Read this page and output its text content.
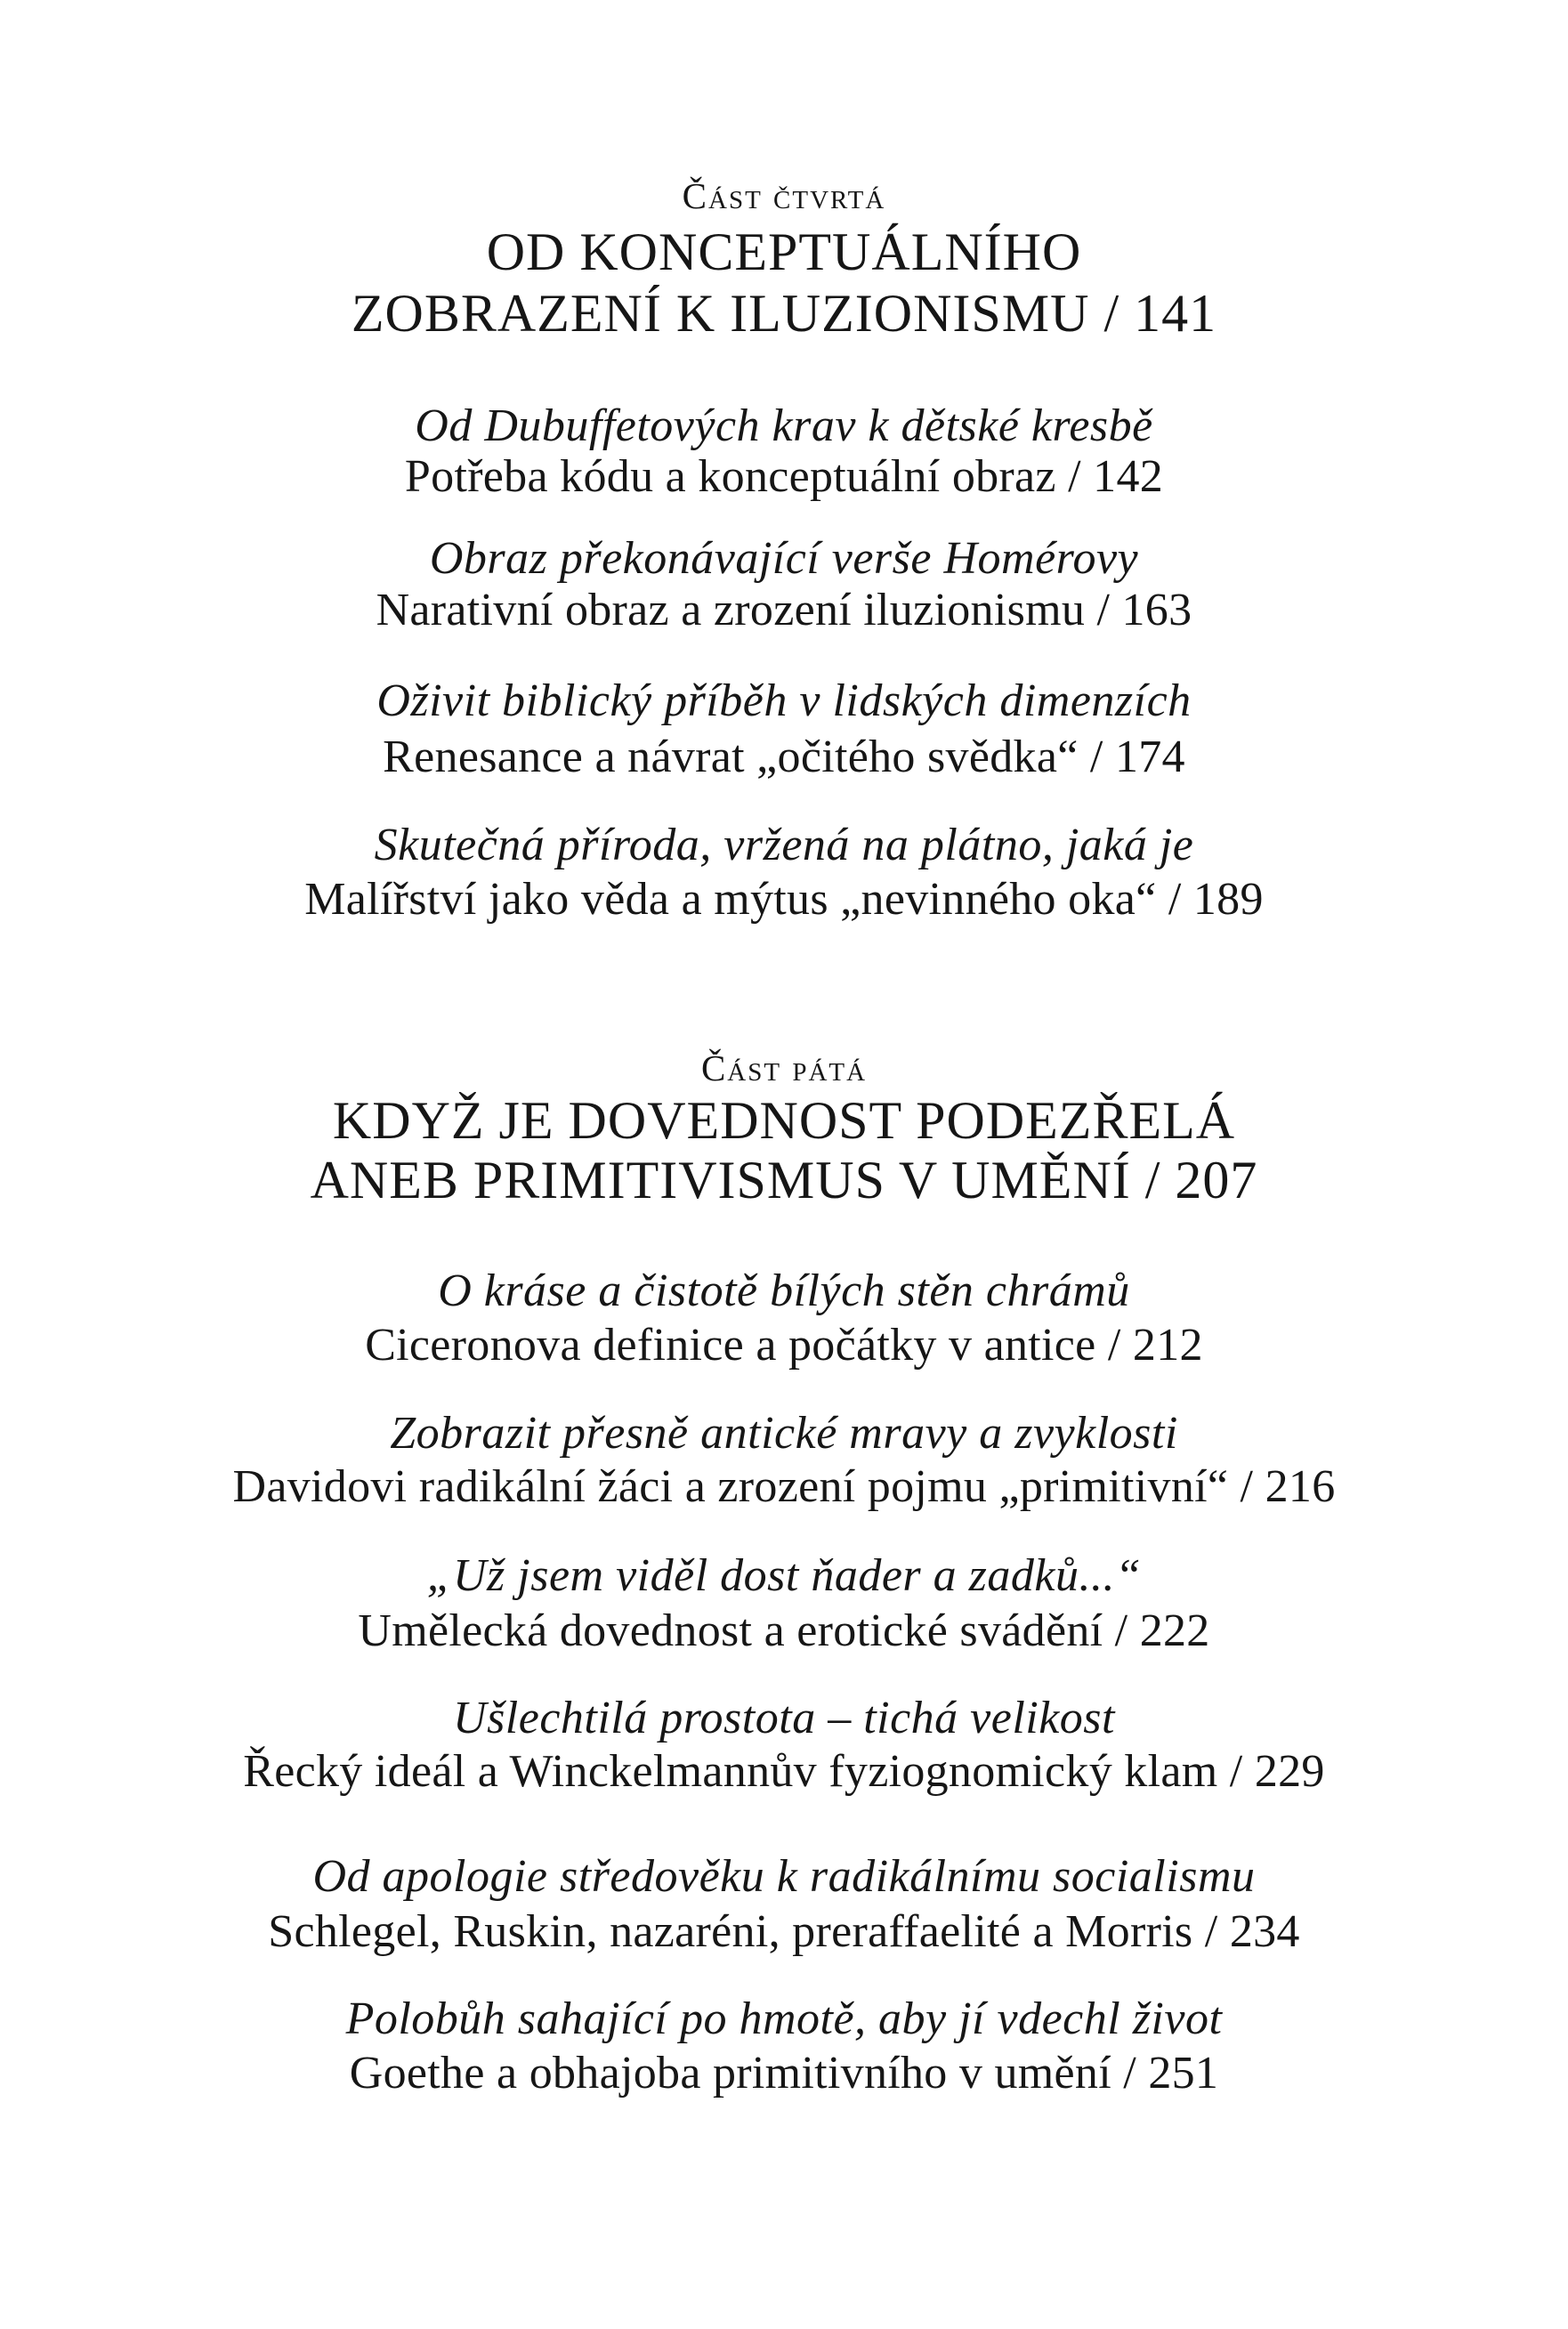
Část čtvrtá
OD KONCEPTUÁLNÍHO
ZOBRAZENÍ K ILUZIONISMU / 141
Od Dubuffetových krav k dětské kresbě
Potřeba kódu a konceptuální obraz / 142
Obraz překonávající verše Homérovy
Narativní obraz a zrození iluzionismu / 163
Oživit biblický příběh v lidských dimenzích
Renesance a návrat „očitého svědka“ / 174
Skutečná příroda, vržená na plátno, jaká je
Malířství jako věda a mýtus „nevinného oka“ / 189
Část pátá
KDYŽ JE DOVEDNOST PODEZŘELÁ
ANEB PRIMITIVISMUS V UMĚNÍ / 207
O kráse a čistotě bílých stěn chrámů
Ciceronova definice a počátky v antice / 212
Zobrazit přesně antické mravy a zvyklosti
Davidovi radikální žáci a zrození pojmu „primitivní“ / 216
„Už jsem viděl dost ňader a zadků...“
Umělecká dovednost a erotické svádění / 222
Ušlechtilá prostota – tichá velikost
Řecký ideál a Winckelmannův fyziognomický klam / 229
Od apologie středověku k radikálnímu socialismu
Schlegel, Ruskin, nazaréni, preraffaelité a Morris / 234
Polobůh sahající po hmotě, aby jí vdechl život
Goethe a obhajoba primitivního v umění / 251
